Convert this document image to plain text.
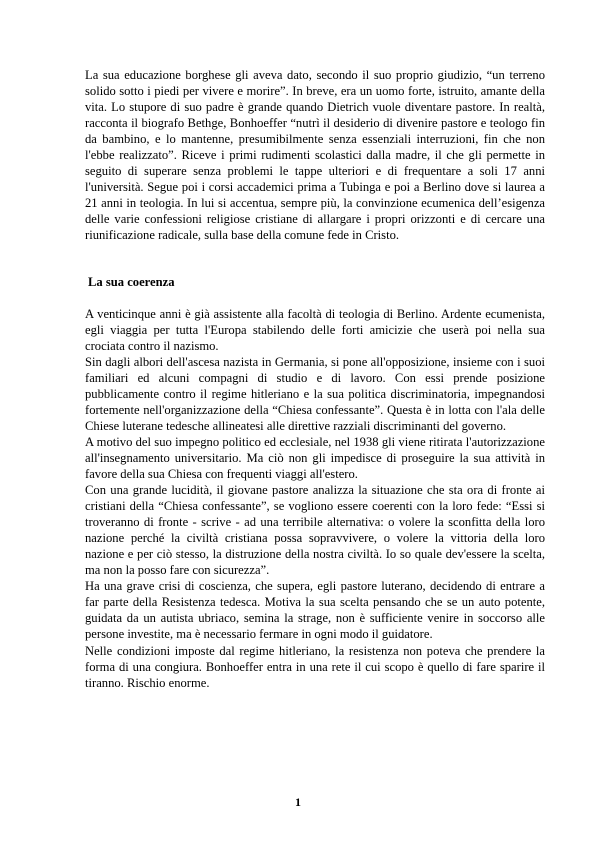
La sua educazione borghese gli aveva dato, secondo il suo proprio giudizio, “un terreno solido sotto i piedi per vivere e morire”. In breve, era un uomo forte, istruito, amante della vita. Lo stupore di suo padre è grande quando Dietrich vuole diventare pastore. In realtà, racconta il biografo Bethge, Bonhoeffer “nutrì il desiderio di divenire pastore e teologo fin da bambino, e lo mantenne, presumibilmente senza essenziali interruzioni, fin che non l'ebbe realizzato”. Riceve i primi rudimenti scolastici dalla madre, il che gli permette in seguito di superare senza problemi le tappe ulteriori e di frequentare a soli 17 anni l'università. Segue poi i corsi accademici prima a Tubinga e poi a Berlino dove si laurea a 21 anni in teologia. In lui si accentua, sempre più, la convinzione ecumenica dell’esigenza delle varie confessioni religiose cristiane di allargare i propri orizzonti e di cercare una riunificazione radicale, sulla base della comune fede in Cristo.

La sua coerenza

A venticinque anni è già assistente alla facoltà di teologia di Berlino. Ardente ecumenista, egli viaggia per tutta l'Europa stabilendo delle forti amicizie che userà poi nella sua crociata contro il nazismo.

Sin dagli albori dell'ascesa nazista in Germania, si pone all'opposizione, insieme con i suoi familiari ed alcuni compagni di studio e di lavoro. Con essi prende posizione pubblicamente contro il regime hitleriano e la sua politica discriminatoria, impegnandosi fortemente nell'organizzazione della “Chiesa confessante”. Questa è in lotta con l'ala delle Chiese luterane tedesche allineatesi alle direttive razziali discriminanti del governo.

A motivo del suo impegno politico ed ecclesiale, nel 1938 gli viene ritirata l'autorizzazione all'insegnamento universitario. Ma ciò non gli impedisce di proseguire la sua attività in favore della sua Chiesa con frequenti viaggi all'estero.

Con una grande lucidità, il giovane pastore analizza la situazione che sta ora di fronte ai cristiani della “Chiesa confessante”, se vogliono essere coerenti con la loro fede: “Essi si troveranno di fronte - scrive - ad una terribile alternativa: o volere la sconfitta della loro nazione perché la civiltà cristiana possa sopravvivere, o volere la vittoria della loro nazione e per ciò stesso, la distruzione della nostra civiltà. Io so quale dev'essere la scelta, ma non la posso fare con sicurezza”.

Ha una grave crisi di coscienza, che supera, egli pastore luterano, decidendo di entrare a far parte della Resistenza tedesca. Motiva la sua scelta pensando che se un auto potente, guidata da un autista ubriaco, semina la strage, non è sufficiente venire in soccorso alle persone investite, ma è necessario fermare in ogni modo il guidatore.

Nelle condizioni imposte dal regime hitleriano, la resistenza non poteva che prendere la forma di una congiura. Bonhoeffer entra in una rete il cui scopo è quello di fare sparire il tiranno. Rischio enorme.

1
